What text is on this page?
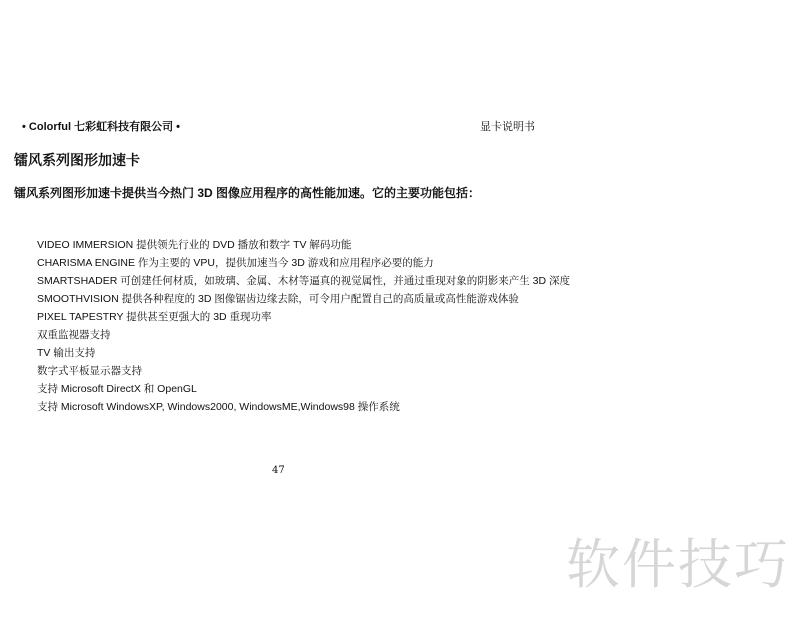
• Colorful 七彩虹科技有限公司 •	显卡说明书
镭风系列图形加速卡
镭风系列图形加速卡提供当今热门 3D 图像应用程序的高性能加速。它的主要功能包括：
VIDEO IMMERSION 提供领先行业的 DVD 播放和数字 TV 解码功能
CHARISMA ENGINE 作为主要的 VPU，提供加速当今 3D 游戏和应用程序必要的能力
SMARTSHADER 可创建任何材质，如玻璃、金属、木材等逼真的视觉属性，并通过重现对象的阴影来产生 3D 深度
SMOOTHVISION 提供各种程度的 3D 图像锯齿边缘去除，可令用户配置自己的高质量或高性能游戏体验
PIXEL TAPESTRY 提供甚至更强大的 3D 重现功率
双重监视器支持
TV 输出支持
数字式平板显示器支持
支持 Microsoft DirectX 和 OpenGL
支持 Microsoft WindowsXP, Windows2000, WindowsME,Windows98 操作系统
47
软件技巧
